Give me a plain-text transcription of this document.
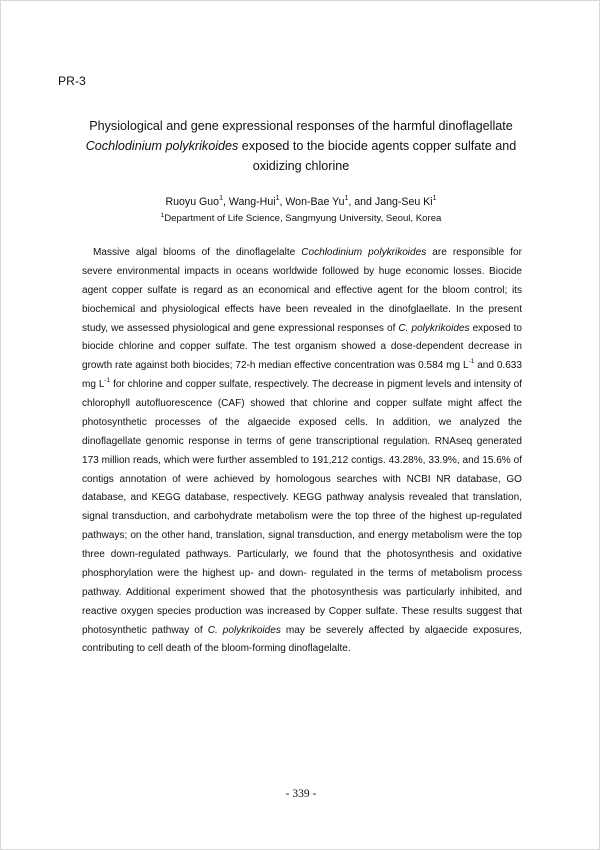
PR-3
Physiological and gene expressional responses of the harmful dinoflagellate
Cochlodinium polykrikoides exposed to the biocide agents copper sulfate and
oxidizing chlorine
Ruoyu Guo$^1$, Wang-Hui$^1$, Won-Bae Yu$^1$, and Jang-Seu Ki$^1$
$^1$Department of Life Science, Sangmyung University, Seoul, Korea

Massive algal blooms of the dinoflagelalte Cochlodinium polykrikoides are responsible for severe environmental impacts in oceans worldwide followed by huge economic losses. Biocide agent copper sulfate is regard as an economical and effective agent for the bloom control; its biochemical and physiological effects have been revealed in the dinofglaellate. In the present study, we assessed physiological and gene expressional responses of C. polykrikoides exposed to biocide chlorine and copper sulfate. The test organism showed a dose-dependent decrease in growth rate against both biocides; 72-h median effective concentration was 0.584 mg $L^{-1}$ and 0.633 mg $L^{-1}$ for chlorine and copper sulfate, respectively. The decrease in pigment levels and intensity of chlorophyll autofluorescence (CAF) showed that chlorine and copper sulfate might affect the photosynthetic processes of the algaecide exposed cells. In addition, we analyzed the dinoflagellate genomic response in terms of gene transcriptional regulation. RNAseq generated 173 million reads, which were further assembled to 191,212 contigs. 43.28%, 33.9%, and 15.6% of contigs annotation of were achieved by homologous searches with NCBI NR database, GO database, and KEGG database, respectively. KEGG pathway analysis revealed that translation, signal transduction, and carbohydrate metabolism were the top three of the highest up-regulated pathways; on the other hand, translation, signal transduction, and energy metabolism were the top three down-regulated pathways. Particularly, we found that the photosynthesis and oxidative phosphorylation were the highest up- and down- regulated in the terms of metabolism process pathway. Additional experiment showed that the photosynthesis was particularly inhibited, and reactive oxygen species production was increased by Copper sulfate. These results suggest that photosynthetic pathway of C. polykrikoides may be severely affected by algaecide exposures, contributing to cell death of the bloom-forming dinoflagelalte.

- 339 -
